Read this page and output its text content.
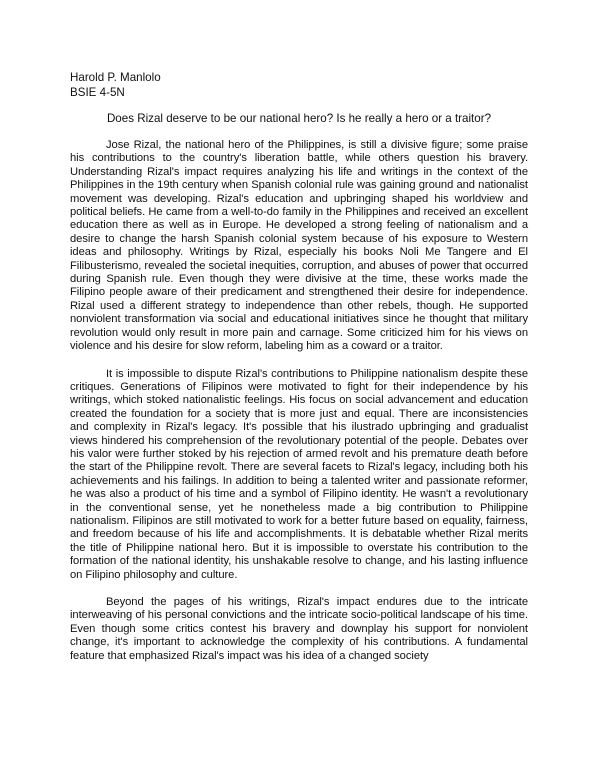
Harold P. Manlolo

BSIE 4-5N

Does Rizal deserve to be our national hero? Is he really a hero or a traitor?

Jose Rizal, the national hero of the Philippines, is still a divisive figure; some praise his contributions to the country's liberation battle, while others question his bravery. Understanding Rizal's impact requires analyzing his life and writings in the context of the Philippines in the 19th century when Spanish colonial rule was gaining ground and nationalist movement was developing. Rizal's education and upbringing shaped his worldview and political beliefs. He came from a well-to-do family in the Philippines and received an excellent education there as well as in Europe. He developed a strong feeling of nationalism and a desire to change the harsh Spanish colonial system because of his exposure to Western ideas and philosophy. Writings by Rizal, especially his books Noli Me Tangere and El Filibusterismo, revealed the societal inequities, corruption, and abuses of power that occurred during Spanish rule. Even though they were divisive at the time, these works made the Filipino people aware of their predicament and strengthened their desire for independence. Rizal used a different strategy to independence than other rebels, though. He supported nonviolent transformation via social and educational initiatives since he thought that military revolution would only result in more pain and carnage. Some criticized him for his views on violence and his desire for slow reform, labeling him as a coward or a traitor.

It is impossible to dispute Rizal's contributions to Philippine nationalism despite these critiques. Generations of Filipinos were motivated to fight for their independence by his writings, which stoked nationalistic feelings. His focus on social advancement and education created the foundation for a society that is more just and equal. There are inconsistencies and complexity in Rizal's legacy. It's possible that his ilustrado upbringing and gradualist views hindered his comprehension of the revolutionary potential of the people. Debates over his valor were further stoked by his rejection of armed revolt and his premature death before the start of the Philippine revolt. There are several facets to Rizal's legacy, including both his achievements and his failings. In addition to being a talented writer and passionate reformer, he was also a product of his time and a symbol of Filipino identity. He wasn't a revolutionary in the conventional sense, yet he nonetheless made a big contribution to Philippine nationalism. Filipinos are still motivated to work for a better future based on equality, fairness, and freedom because of his life and accomplishments. It is debatable whether Rizal merits the title of Philippine national hero. But it is impossible to overstate his contribution to the formation of the national identity, his unshakable resolve to change, and his lasting influence on Filipino philosophy and culture.

Beyond the pages of his writings, Rizal's impact endures due to the intricate interweaving of his personal convictions and the intricate socio-political landscape of his time. Even though some critics contest his bravery and downplay his support for nonviolent change, it's important to acknowledge the complexity of his contributions. A fundamental feature that emphasized Rizal's impact was his idea of a changed society
